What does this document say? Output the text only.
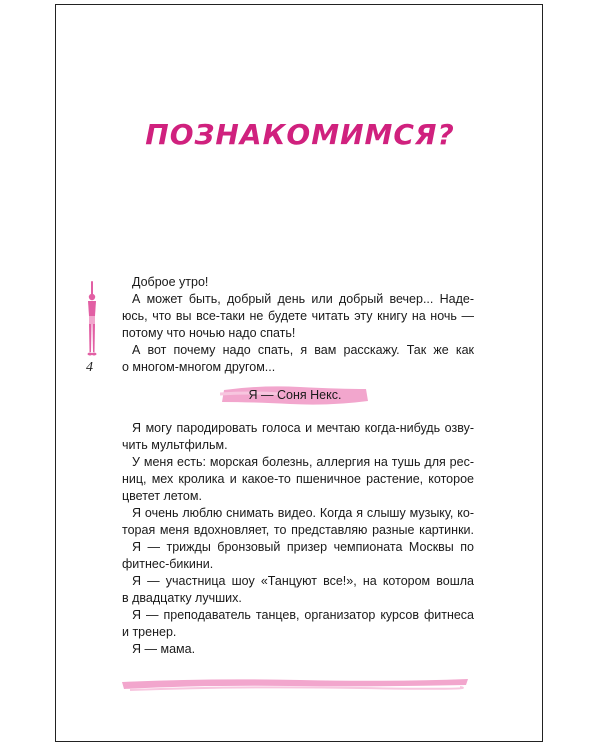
ПОЗНАКОМИМСЯ?
4
Доброе утро!
А может быть, добрый день или добрый вечер... Наде-
юсь, что вы все-таки не будете читать эту книгу на ночь —
потому что ночью надо спать!
А вот почему надо спать, я вам расскажу. Так же как
о многом-многом другом...
Я — Соня Некс.
Я могу пародировать голоса и мечтаю когда-нибудь озву-
чить мультфильм.
У меня есть: морская болезнь, аллергия на тушь для рес-
ниц, мех кролика и какое-то пшеничное растение, которое
цветет летом.
Я очень люблю снимать видео. Когда я слышу музыку, ко-
торая меня вдохновляет, то представляю разные картинки.
Я — трижды бронзовый призер чемпионата Москвы по
фитнес-бикини.
Я — участница шоу «Танцуют все!», на котором вошла
в двадцатку лучших.
Я — преподаватель танцев, организатор курсов фитнеса
и тренер.
Я — мама.
